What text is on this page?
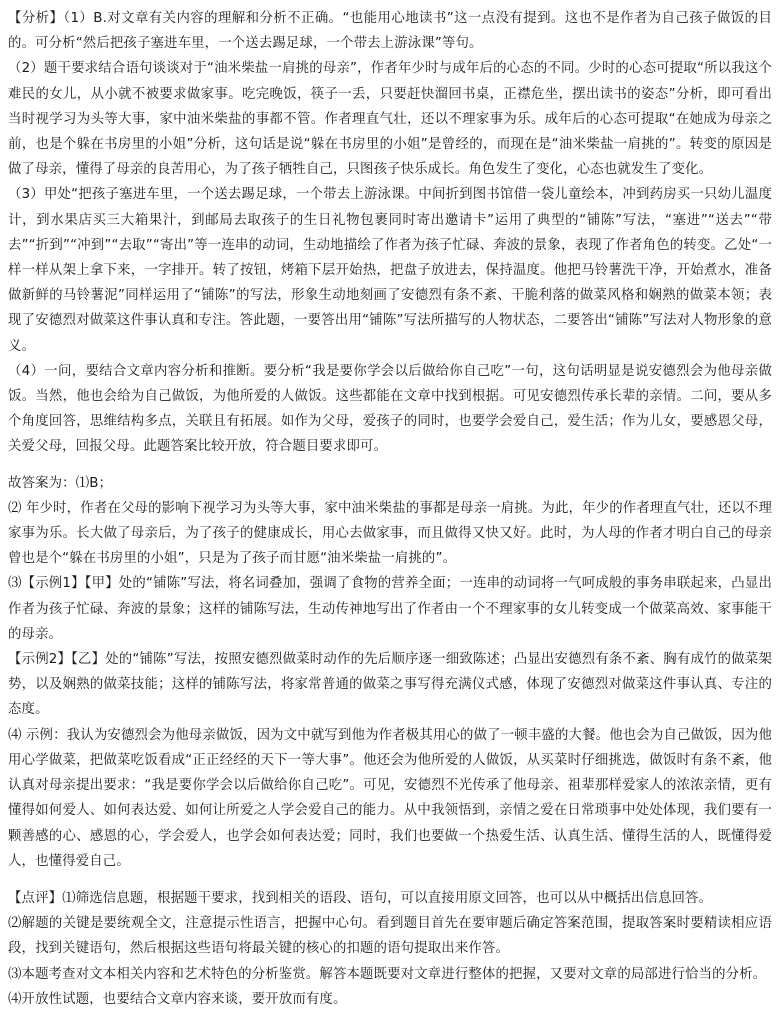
【分析】（1）B.对文章有关内容的理解和分析不正确。“也能用心地读书”这一点没有提到。这也不是作者为自己孩子做饭的目的。可分析“然后把孩子塞进车里，一个送去踢足球，一个带去上游泳课”等句。

（2）题干要求结合语句谈谈对于“油米柴盐一肩挑的母亲”，作者年少时与成年后的心态的不同。少时的心态可提取“所以我这个难民的女儿，从小就不被要求做家事。吃完晚饭，筷子一丢，只要赶快溜回书桌，正襟危坐，摆出读书的姿态”分析，即可看出当时视学习为头等大事，家中油米柴盐的事都不管。作者理直气壮，还以不理家事为乐。成年后的心态可提取“在她成为母亲之前，也是个躲在书房里的小姐”分析，这句话是说“躲在书房里的小姐”是曾经的，而现在是“油米柴盐一肩挑的”。转变的原因是做了母亲，懂得了母亲的良苦用心，为了孩子牺牲自己，只图孩子快乐成长。角色发生了变化，心态也就发生了变化。

（3）甲处“把孩子塞进车里，一个送去踢足球，一个带去上游泳课。中间折到图书馆借一袋儿童绘本，冲到药房买一只幼儿温度计，到水果店买三大箱果汁，到邮局去取孩子的生日礼物包裹同时寄出邀请卡”运用了典型的“铺陈”写法，“塞进”“送去”“带去”“折到”“冲到”“去取”“寄出”等一连串的动词，生动地描绘了作者为孩子忙碌、奔波的景象，表现了作者角色的转变。乙处“一样一样从架上拿下来，一字排开。转了按钮，烤箱下层开始热，把盘子放进去，保持温度。他把马铃薯洗干净，开始煮水，准备做新鲜的马铃薯泥”同样运用了“铺陈”的写法，形象生动地刻画了安德烈有条不紊、干脆利落的做菜风格和娴熟的做菜本领；表现了安德烈对做菜这件事认真和专注。答此题，一要答出用“铺陈”写法所描写的人物状态，二要答出“铺陈”写法对人物形象的意义。

（4）一问，要结合文章内容分析和推断。要分析“我是要你学会以后做给你自己吃”一句，这句话明显是说安德烈会为他母亲做饭。当然，他也会给为自己做饭，为他所爱的人做饭。这些都能在文章中找到根据。可见安德烈传承长辈的亲情。二问，要从多个角度回答，思维结构多点，关联且有拓展。如作为父母，爱孩子的同时，也要学会爱自己，爱生活；作为儿女，要感恩父母，关爱父母，回报父母。此题答案比较开放，符合题目要求即可。

故答案为：⑴B；

⑵ 年少时，作者在父母的影响下视学习为头等大事，家中油米柴盐的事都是母亲一肩挑。为此，年少的作者理直气壮，还以不理家事为乐。长大做了母亲后，为了孩子的健康成长，用心去做家事，而且做得又快又好。此时，为人母的作者才明白自己的母亲曾也是个“躲在书房里的小姐”，只是为了孩子而甘愿“油米柴盐一肩挑的”。

⑶【示例1】【甲】处的“铺陈”写法，将名词叠加，强调了食物的营养全面；一连串的动词将一气呵成般的事务串联起来，凸显出作者为孩子忙碌、奔波的景象；这样的铺陈写法，生动传神地写出了作者由一个不理家事的女儿转变成一个做菜高效、家事能干的母亲。

【示例2】【乙】处的“铺陈”写法，按照安德烈做菜时动作的先后顺序逐一细致陈述；凸显出安德烈有条不紊、胸有成竹的做菜架势，以及娴熟的做菜技能；这样的铺陈写法，将家常普通的做菜之事写得充满仪式感，体现了安德烈对做菜这件事认真、专注的态度。

⑷ 示例：我认为安德烈会为他母亲做饭，因为文中就写到他为作者极其用心的做了一顿丰盛的大餐。他也会为自己做饭，因为他用心学做菜，把做菜吃饭看成“正正经经的天下一等大事”。他还会为他所爱的人做饭，从买菜时仔细挑选，做饭时有条不紊，他认真对母亲提出要求：“我是要你学会以后做给你自己吃”。可见，安德烈不光传承了他母亲、祖辈那样爱家人的浓浓亲情，更有懂得如何爱人、如何表达爱、如何让所爱之人学会爱自己的能力。从中我领悟到，亲情之爱在日常琐事中处处体现，我们要有一颗善感的心、感恩的心，学会爱人，也学会如何表达爱；同时，我们也要做一个热爱生活、认真生活、懂得生活的人，既懂得爱人，也懂得爱自己。

【点评】⑴筛选信息题，根据题干要求，找到相关的语段、语句，可以直接用原文回答，也可以从中概括出信息回答。

⑵解题的关键是要统观全文，注意提示性语言，把握中心句。看到题目首先在要审题后确定答案范围，提取答案时要精读相应语段，找到关键语句，然后根据这些语句将最关键的核心的扣题的语句提取出来作答。

⑶本题考查对文本相关内容和艺术特色的分析鉴赏。解答本题既要对文章进行整体的把握，又要对文章的局部进行恰当的分析。

⑷开放性试题，也要结合文章内容来谈，要开放而有度。
